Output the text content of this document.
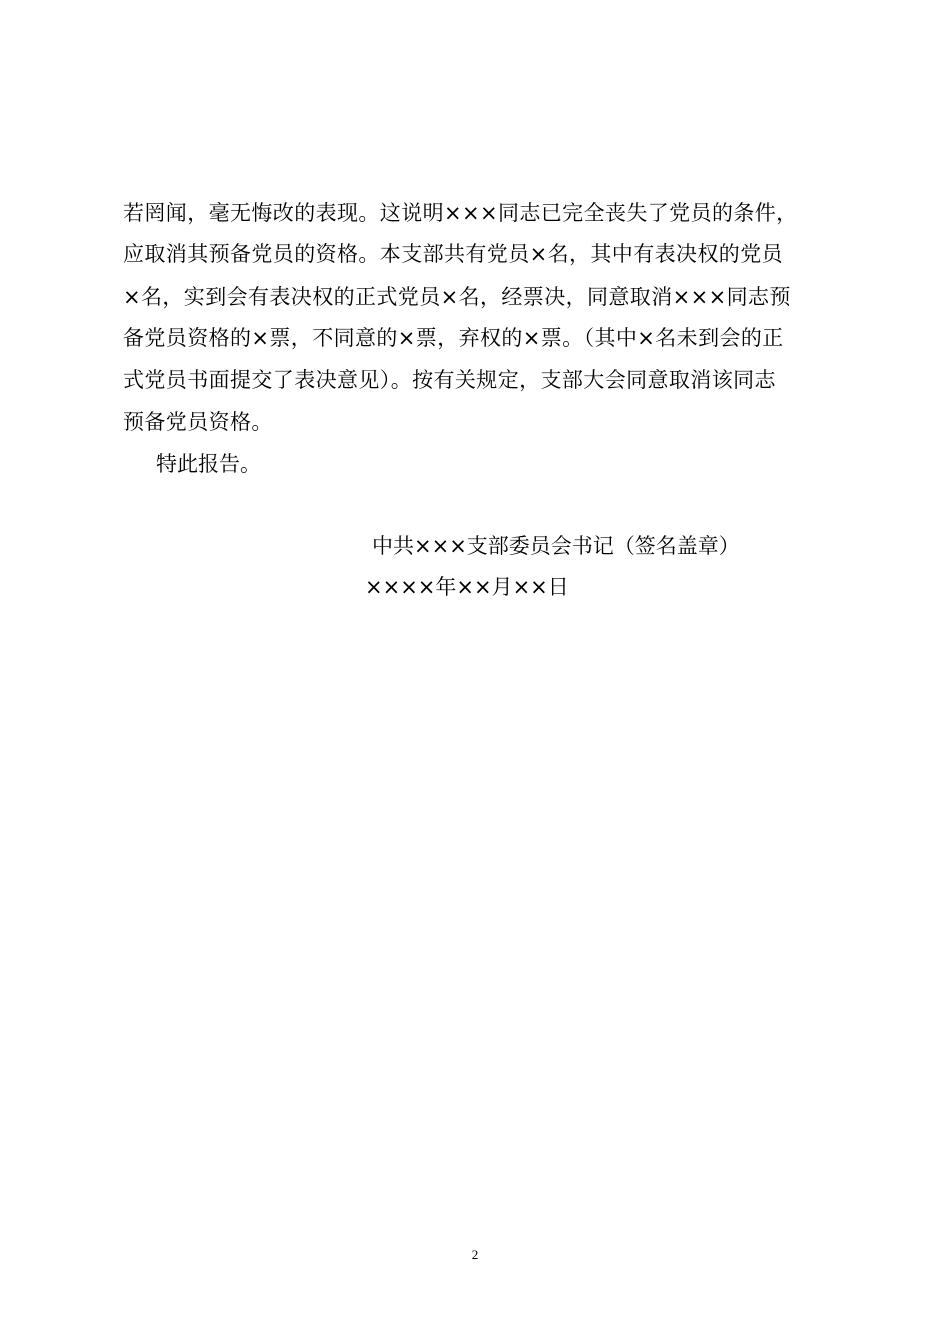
若罔闻，毫无悔改的表现。这说明×××同志已完全丧失了党员的条件，
应取消其预备党员的资格。本支部共有党员×名，其中有表决权的党员
×名，实到会有表决权的正式党员×名，经票决，同意取消×××同志预
备党员资格的×票，不同意的×票，弃权的×票。（其中×名未到会的正
式党员书面提交了表决意见）。按有关规定，支部大会同意取消该同志
预备党员资格。
特此报告。
中共×××支部委员会书记（签名盖章）
××××年××月××日
2
